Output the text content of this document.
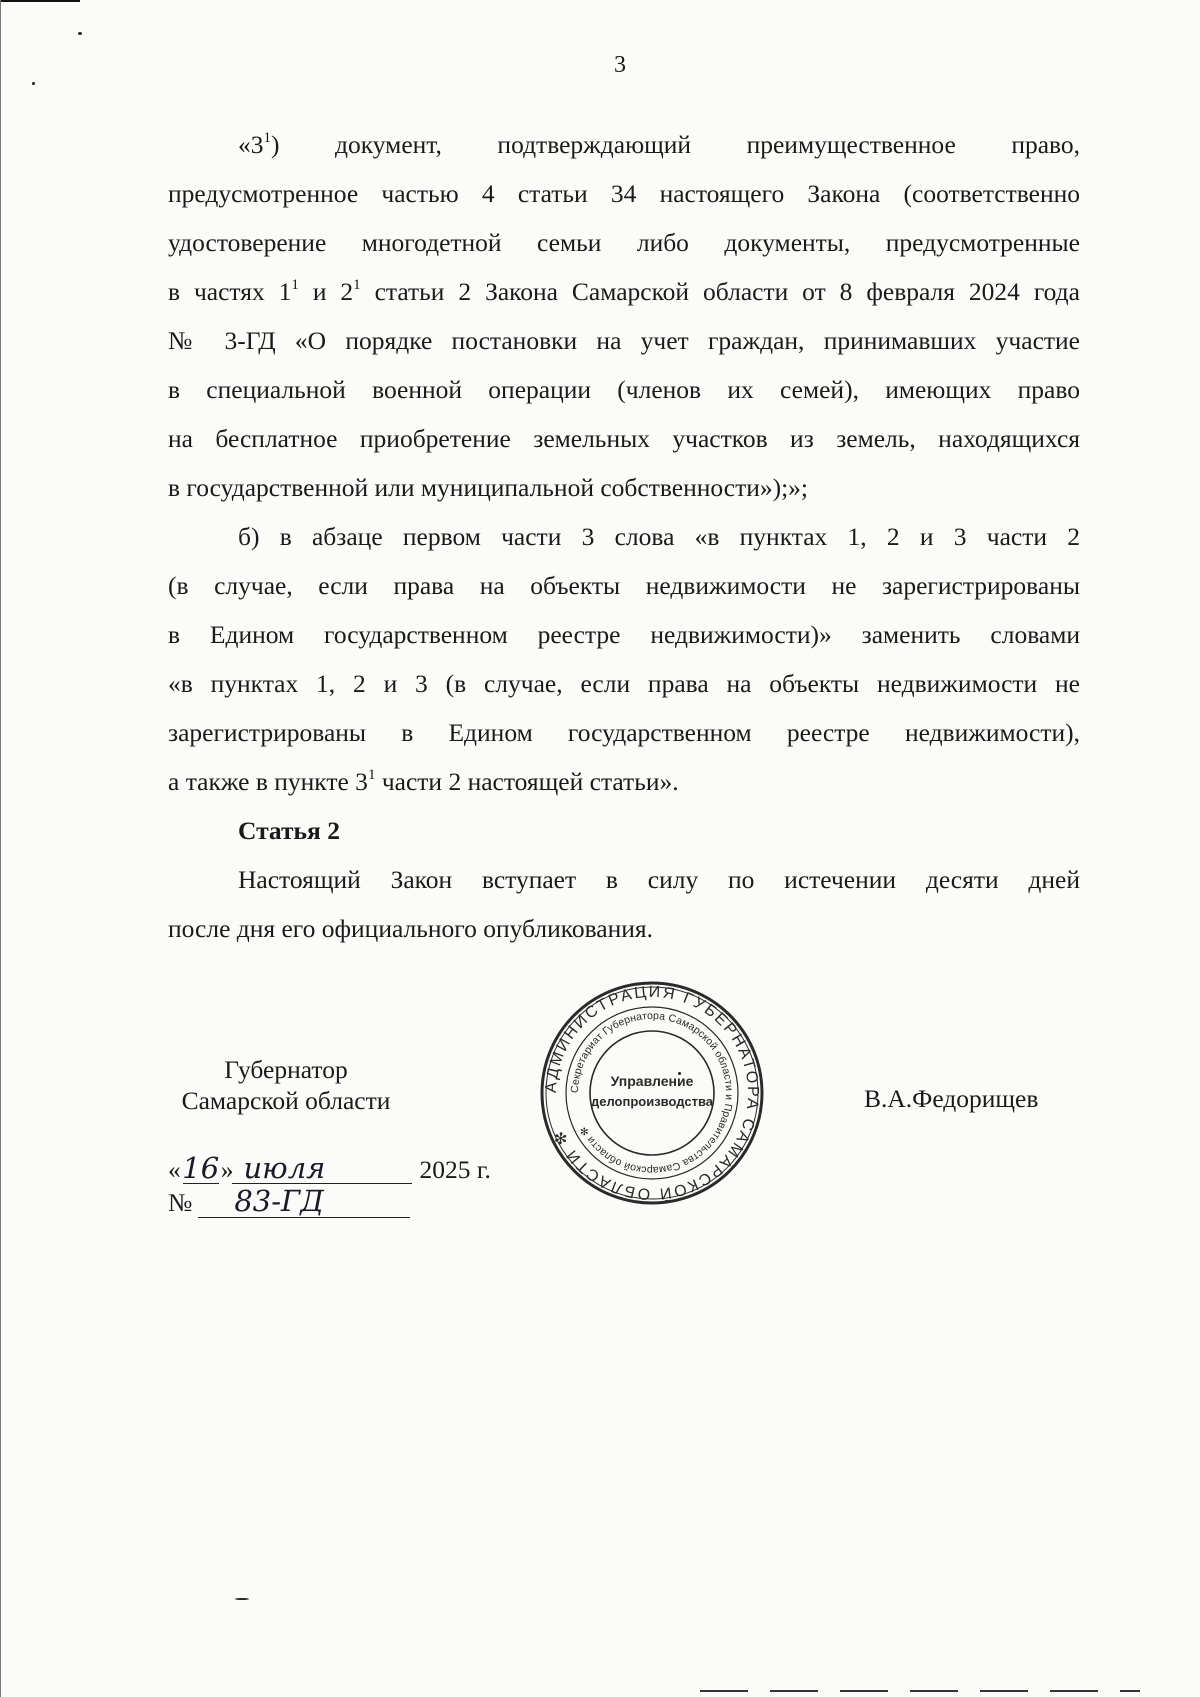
3
«$3^1$) документ, подтверждающий преимущественное право,
предусмотренное частью 4 статьи 34 настоящего Закона (соответственно
удостоверение многодетной семьи либо документы, предусмотренные
в частях $1^1$ и $2^1$ статьи 2 Закона Самарской области от 8 февраля 2024 года
№ 3-ГД «О порядке постановки на учет граждан, принимавших участие
в специальной военной операции (членов их семей), имеющих право
на бесплатное приобретение земельных участков из земель, находящихся
в государственной или муниципальной собственности»);»;
б) в абзаце первом части 3 слова «в пунктах 1, 2 и 3 части 2
(в случае, если права на объекты недвижимости не зарегистрированы
в Едином государственном реестре недвижимости)» заменить словами
«в пунктах 1, 2 и 3 (в случае, если права на объекты недвижимости не
зарегистрированы в Едином государственном реестре недвижимости),
а также в пункте $3^1$ части 2 настоящей статьи».
Статья 2
Настоящий Закон вступает в силу по истечении десяти дней
после дня его официального опубликования.
Губернатор
Самарской области	В.А.Федорищев
«16» июля	2025 г.
№ 83-ГД
АДМИНИСТРАЦИЯ ГУБЕРНАТОРА САМАРСКОЙ ОБЛАСТИ ✻
Секретариат Губернатора Самарской области и Правительства Самарской области ✻
Управление
делопроизводства
